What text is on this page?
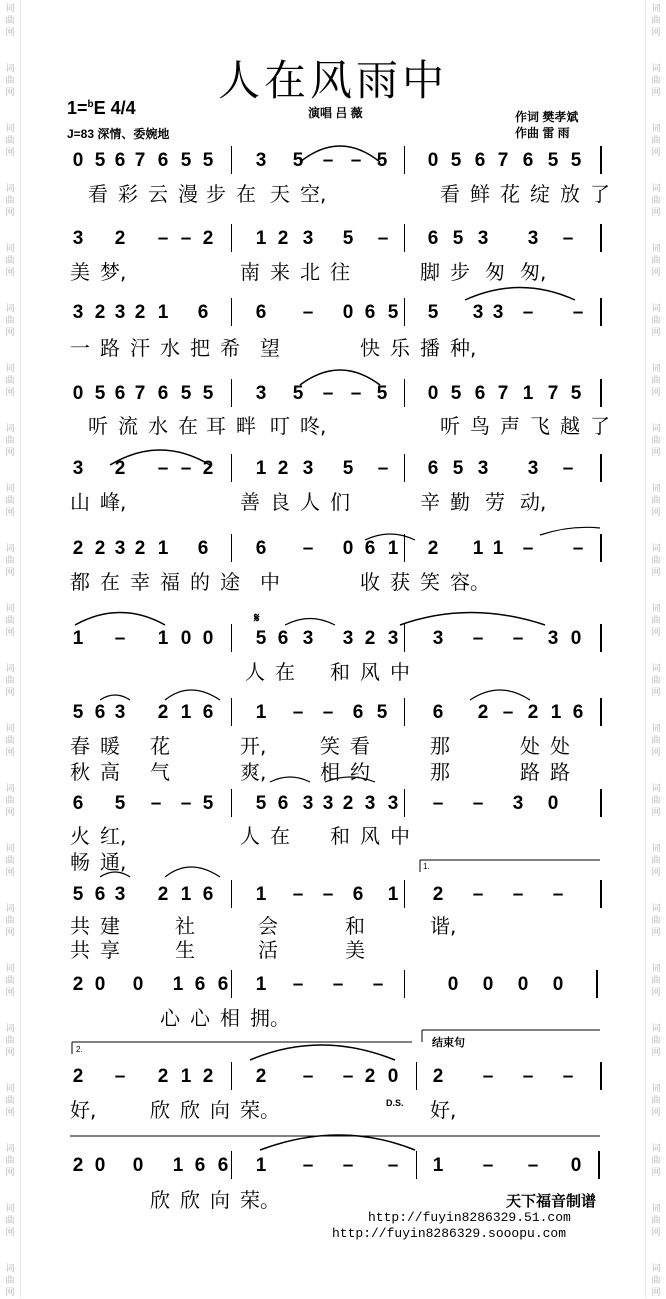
词
曲
网
词
曲
网
词
曲
网
词
曲
网
词
曲
网
词
曲
网
词
曲
网
词
曲
网
词
曲
网
词
曲
网
词
曲
网
词
曲
网
词
曲
网
词
曲
网
词
曲
网
词
曲
网
词
曲
网
词
曲
网
词
曲
网
词
曲
网
词
曲
网
词
曲
网
词
曲
网
词
曲
网
词
曲
网
词
曲
网
词
曲
网
词
曲
网
词
曲
网
词
曲
网
词
曲
网
词
曲
网
词
曲
网
词
曲
网
词
曲
网
词
曲
网
词
曲
网
词
曲
网
词
曲
网
词
曲
网
词
曲
网
词
曲
网
词
曲
网
词
曲
网
人在风雨中
1=$^b$E 4/4
J=83 深情、委婉地
演唱 吕 薇	作词 樊孝斌
作曲 雷 雨
0 5 6 7 6 5 5 3 5 – – 5 0 5 6 7 6 5 5
看 彩 云 漫 步 在 天 空,	看 鲜 花 绽 放 了
3 2 – – 2 1 2 3 5 – 6 5 3 3 –
美 梦,	南 来 北 往	脚 步 匆 匆,
3 2 3 2 1 6 6 – 0 6 5 5 3 – –
3
一 路 汗 水 把 希 望	快 乐 播 种,
0 5 6 7 6 5 5 3 5 – – 5 0 5 6 7 1 7 5
听 流 水 在 耳 畔 叮 咚,	听 鸟 声 飞 越 了
3 2 – – 2 1 2 3 5 – 6 5 3 3 –
山 峰,	善 良 人 们	辛 勤 劳 动,
2 2 3 2 1 6 6 – 0 6 1 2 1 – –
1
都 在 幸 福 的 途 中	收 获 笑 容。
1 – 1 0 0 5 6 3 3 2 3 3 – – 3 0
人 在 和 风 中
5 6 3 2 1 6 1 – – 6 5 6 2 – 2 1 6
春 暖 花	开,	笑 看	那	处 处
秋 高 气	爽,	相 约	那	路 路
6 5 – – 5 5 6 3 3 2 3 3 – – 3 0
火 红,	人 在 和 风 中
畅 通,
5 6 3 2 1 6 1 – – 6 1 2 – – –
共 建	社	会	和	谐,
共 享	生	活	美
2 0 0 1 6 6 1 – – –	0 0 0 0
心 心 相 拥。
2 – 2 1 2 2 – – 2 0 2 – – –
好,	欣 欣 向 荣。	好,
2 0 0 1 6 6 1 – – – 1 – – 0
欣 欣 向 荣。
1.
2.
结束句
𝄋
D.S.
天下福音制谱
http://fuyin8286329.51.com
http://fuyin8286329.sooopu.com
